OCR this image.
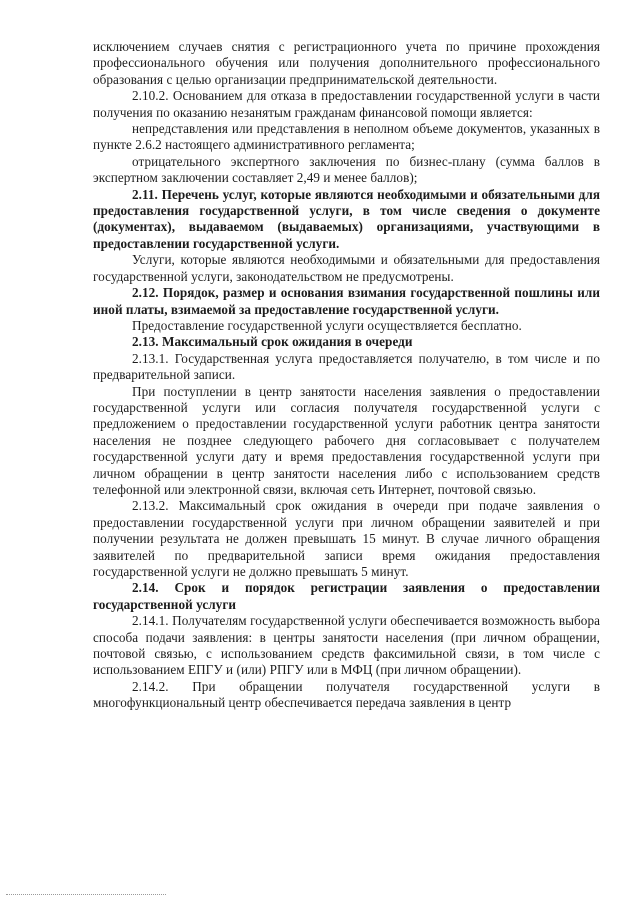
исключением случаев снятия с регистрационного учета по причине прохождения профессионального обучения или получения дополнительного профессионального образования с целью организации предпринимательской деятельности.

2.10.2. Основанием для отказа в предоставлении государственной услуги в части получения по оказанию незанятым гражданам финансовой помощи является:

непредставления или представления в неполном объеме документов, указанных в пункте 2.6.2 настоящего административного регламента;

отрицательного экспертного заключения по бизнес-плану (сумма баллов в экспертном заключении составляет 2,49 и менее баллов);

2.11. Перечень услуг, которые являются необходимыми и обязательными для предоставления государственной услуги, в том числе сведения о документе (документах), выдаваемом (выдаваемых) организациями, участвующими в предоставлении государственной услуги.

Услуги, которые являются необходимыми и обязательными для предоставления государственной услуги, законодательством не предусмотрены.

2.12. Порядок, размер и основания взимания государственной пошлины или иной платы, взимаемой за предоставление государственной услуги.

Предоставление государственной услуги осуществляется бесплатно.

2.13. Максимальный срок ожидания в очереди

2.13.1. Государственная услуга предоставляется получателю, в том числе и по предварительной записи.

При поступлении в центр занятости населения заявления о предоставлении государственной услуги или согласия получателя государственной услуги с предложением о предоставлении государственной услуги работник центра занятости населения не позднее следующего рабочего дня согласовывает с получателем государственной услуги дату и время предоставления государственной услуги при личном обращении в центр занятости населения либо с использованием средств телефонной или электронной связи, включая сеть Интернет, почтовой связью.

2.13.2. Максимальный срок ожидания в очереди при подаче заявления о предоставлении государственной услуги при личном обращении заявителей и при получении результата не должен превышать 15 минут. В случае личного обращения заявителей по предварительной записи время ожидания предоставления государственной услуги не должно превышать 5 минут.

2.14. Срок и порядок регистрации заявления о предоставлении государственной услуги

2.14.1. Получателям государственной услуги обеспечивается возможность выбора способа подачи заявления: в центры занятости населения (при личном обращении, почтовой связью, с использованием средств факсимильной связи, в том числе с использованием ЕПГУ и (или) РПГУ или в МФЦ (при личном обращении).

2.14.2. При обращении получателя государственной услуги в многофункциональный центр обеспечивается передача заявления в центр
